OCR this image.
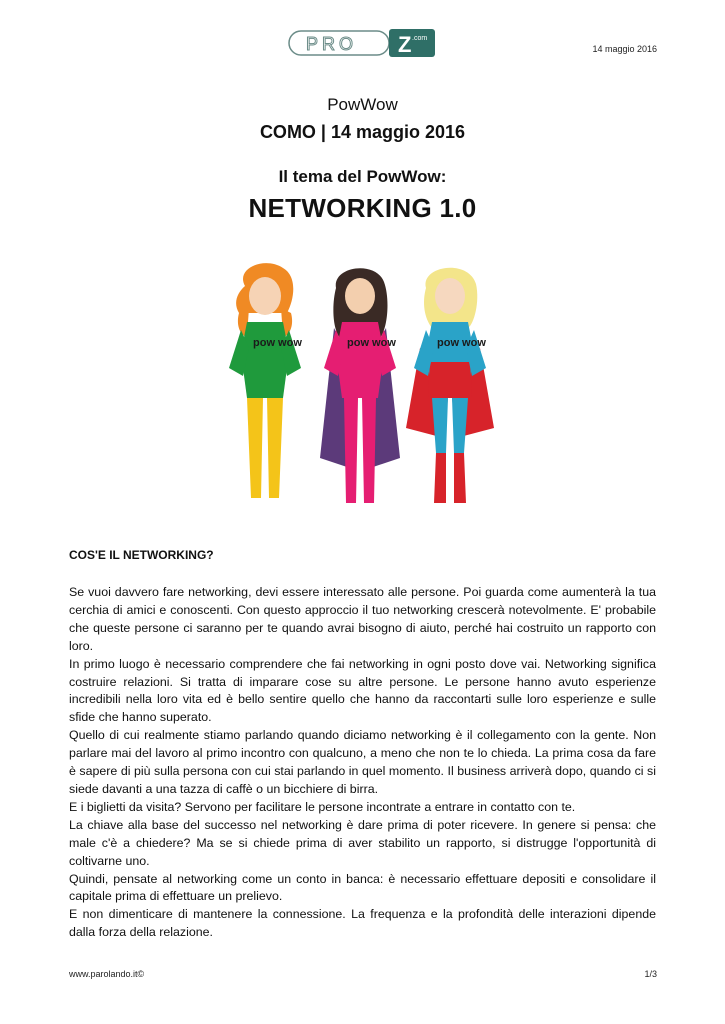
PRO Z .com
14 maggio 2016
PowWow
COMO | 14 maggio 2016
Il tema del PowWow:
NETWORKING 1.0
pow wow	pow wow	pow wow
COS'E IL NETWORKING?

Se vuoi davvero fare networking, devi essere interessato alle persone. Poi guarda come aumenterà la tua cerchia di amici e conoscenti. Con questo approccio il tuo networking crescerà notevolmente. E' probabile che queste persone ci saranno per te quando avrai bisogno di aiuto, perché hai costruito un rapporto con loro.

In primo luogo è necessario comprendere che fai networking in ogni posto dove vai. Networking significa costruire relazioni. Si tratta di imparare cose su altre persone. Le persone hanno avuto esperienze incredibili nella loro vita ed è bello sentire quello che hanno da raccontarti sulle loro esperienze e sulle sfide che hanno superato.

Quello di cui realmente stiamo parlando quando diciamo networking è il collegamento con la gente. Non parlare mai del lavoro al primo incontro con qualcuno, a meno che non te lo chieda. La prima cosa da fare è sapere di più sulla persona con cui stai parlando in quel momento. Il business arriverà dopo, quando ci si siede davanti a una tazza di caffè o un bicchiere di birra.

E i biglietti da visita? Servono per facilitare le persone incontrate a entrare in contatto con te.

La chiave alla base del successo nel networking è dare prima di poter ricevere. In genere si pensa: che male c'è a chiedere? Ma se si chiede prima di aver stabilito un rapporto, si distrugge l'opportunità di coltivarne uno.

Quindi, pensate al networking come un conto in banca: è necessario effettuare depositi e consolidare il capitale prima di effettuare un prelievo.

E non dimenticare di mantenere la connessione. La frequenza e la profondità delle interazioni dipende dalla forza della relazione.

www.parolando.it©	1/3
